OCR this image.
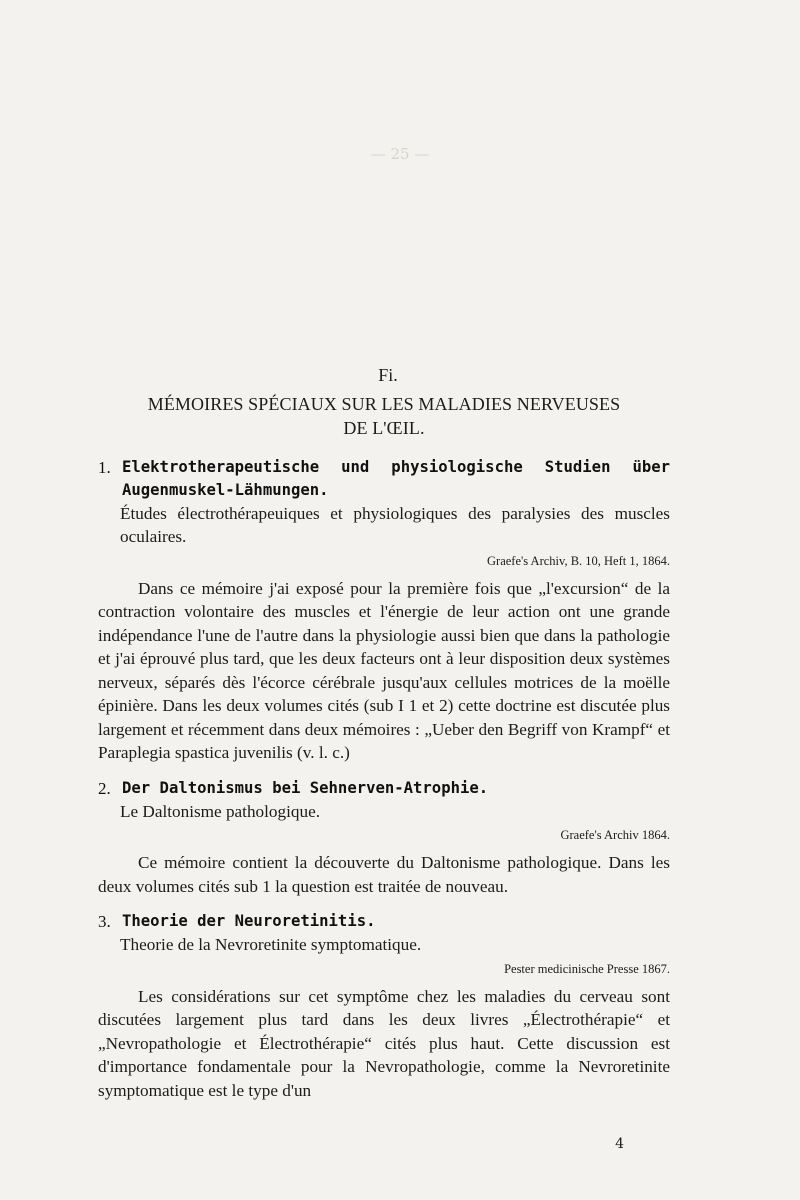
— 25 —
Fi.
MÉMOIRES SPÉCIAUX SUR LES MALADIES NERVEUSES
DE L'ŒIL.
1. Elektrotherapeutische und physiologische Studien über Augenmuskel-Lähmungen.
Études électrothérapeuiques et physiologiques des paralysies des muscles oculaires.
Graefe's Archiv, B. 10, Heft 1, 1864.

Dans ce mémoire j'ai exposé pour la première fois que „l'excursion“ de la contraction volontaire des muscles et l'énergie de leur action ont une grande indépendance l'une de l'autre dans la physiologie aussi bien que dans la pathologie et j'ai éprouvé plus tard, que les deux facteurs ont à leur disposition deux systèmes nerveux, séparés dès l'écorce cérébrale jusqu'aux cellules motrices de la moëlle épinière. Dans les deux volumes cités (sub I 1 et 2) cette doctrine est discutée plus largement et récemment dans deux mémoires : „Ueber den Begriff von Krampf“ et Paraplegia spastica juvenilis (v. l. c.)

2. Der Daltonismus bei Sehnerven-Atrophie.
Le Daltonisme pathologique.
Graefe's Archiv 1864.

Ce mémoire contient la découverte du Daltonisme pathologique. Dans les deux volumes cités sub 1 la question est traitée de nouveau.

3. Theorie der Neuroretinitis.
Theorie de la Nevroretinite symptomatique.
Pester medicinische Presse 1867.

Les considérations sur cet symptôme chez les maladies du cerveau sont discutées largement plus tard dans les deux livres „Électrothérapie“ et „Nevropathologie et Électrothérapie“ cités plus haut. Cette discussion est d'importance fondamentale pour la Nevropathologie, comme la Nevroretinite symptomatique est le type d'un

4
